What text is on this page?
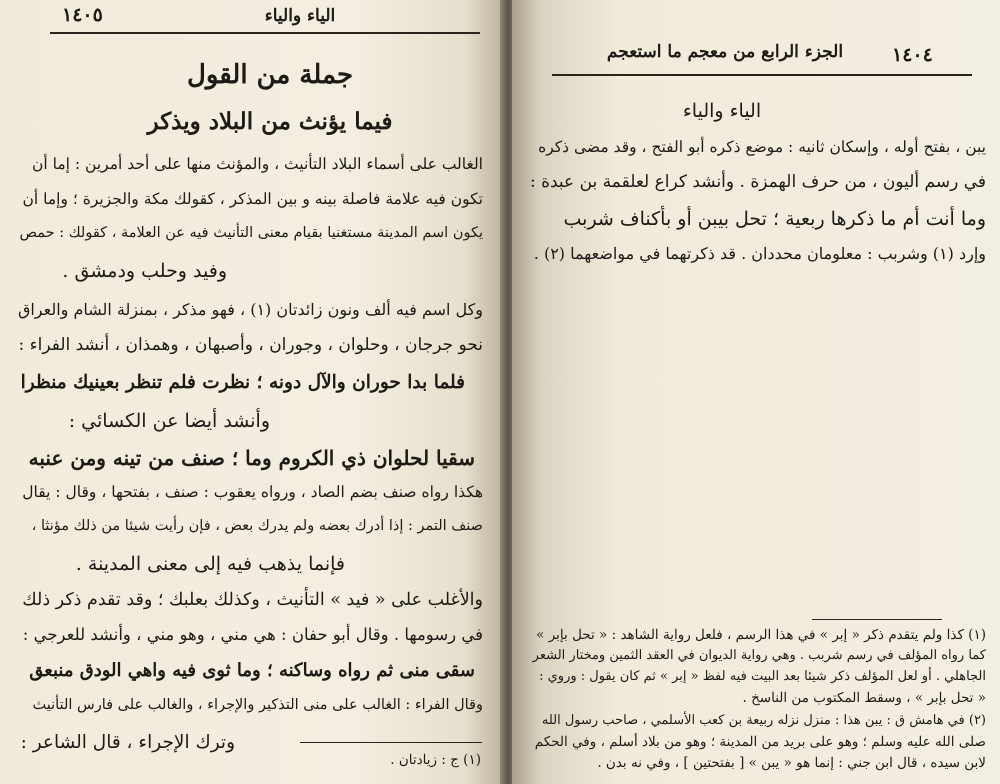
١٤٠٥	الياء والياء
جملة من القول
فيما يؤنث من البلاد ويذكر
الغالب على أسماء البلاد التأنيث ، والمؤنث منها على أحد أمرين : إما أن
تكون فيه علامة فاصلة بينه و بين المذكر ، كقولك مكة والجزيرة ؛ وإما أن
يكون اسم المدينة مستغنيا بقيام معنى التأنيث فيه عن العلامة ، كقولك : حمص
وفيد وحلب ودمشق .
وكل اسم فيه ألف ونون زائدتان (١) ، فهو مذكر ، بمنزلة الشام والعراق
نحو جرجان ، وحلوان ، وجوران ، وأصبهان ، وهمذان ، أنشد الفراء :
فلما بدا حوران والآل دونه ؛ نظرت فلم تنظر بعينيك منظرا
وأنشد أيضا عن الكسائي :
سقيا لحلوان ذي الكروم وما ؛ صنف من تينه ومن عنبه
هكذا رواه صنف بضم الصاد ، ورواه يعقوب : صنف ، بفتحها ، وقال : يقال
صنف التمر : إذا أدرك بعضه ولم يدرك بعض ، فإن رأيت شيئا من ذلك مؤنثا ،
فإنما يذهب فيه إلى معنى المدينة .
والأغلب على « فيد » التأنيث ، وكذلك بعلبك ؛ وقد تقدم ذكر ذلك
في رسومها . وقال أبو حفان : هي مني ، وهو مني ، وأنشد للعرجي :
سقى منى ثم رواه وساكنه ؛ وما ثوى فيه واهي الودق منبعق
وقال الفراء : الغالب على منى التذكير والإجراء ، والغالب على فارس التأنيث
وترك الإجراء ، قال الشاعر :
(١) ج : زيادتان .
١٤٠٤
الجزء الرابع من معجم ما استعجم
الياء والياء
يبن ، بفتح أوله ، وإسكان ثانيه : موضع ذكره أبو الفتح ، وقد مضى ذكره
في رسم أليون ، من حرف الهمزة . وأنشد كراع لعلقمة بن عبدة :
وما أنت أم ما ذكرها ربعية ؛ تحل بيبن أو بأكناف شربب
وإرد (١) وشربب : معلومان محددان . قد ذكرتهما في مواضعهما (٢) .
(١) كذا ولم يتقدم ذكر « إبر » في هذا الرسم ، فلعل رواية الشاهد : « تحل بإبر »
كما رواه المؤلف في رسم شربب . وهي رواية الديوان في العقد الثمين ومختار الشعر
الجاهلي . أو لعل المؤلف ذكر شيئا بعد البيت فيه لفظ « إبر » ثم كان يقول : وروي :
« تحل بإبر » ، وسقط المكتوب من الناسخ .
(٢) في هامش ق : يبن هذا : منزل نزله ربيعة بن كعب الأسلمي ، صاحب رسول الله
صلى الله عليه وسلم ؛ وهو على بريد من المدينة ؛ وهو من بلاد أسلم ، وفي الحكم
لابن سيده ، قال ابن جني : إنما هو « يبن » [ بفتحتين ] ، وفي نه بدن .
